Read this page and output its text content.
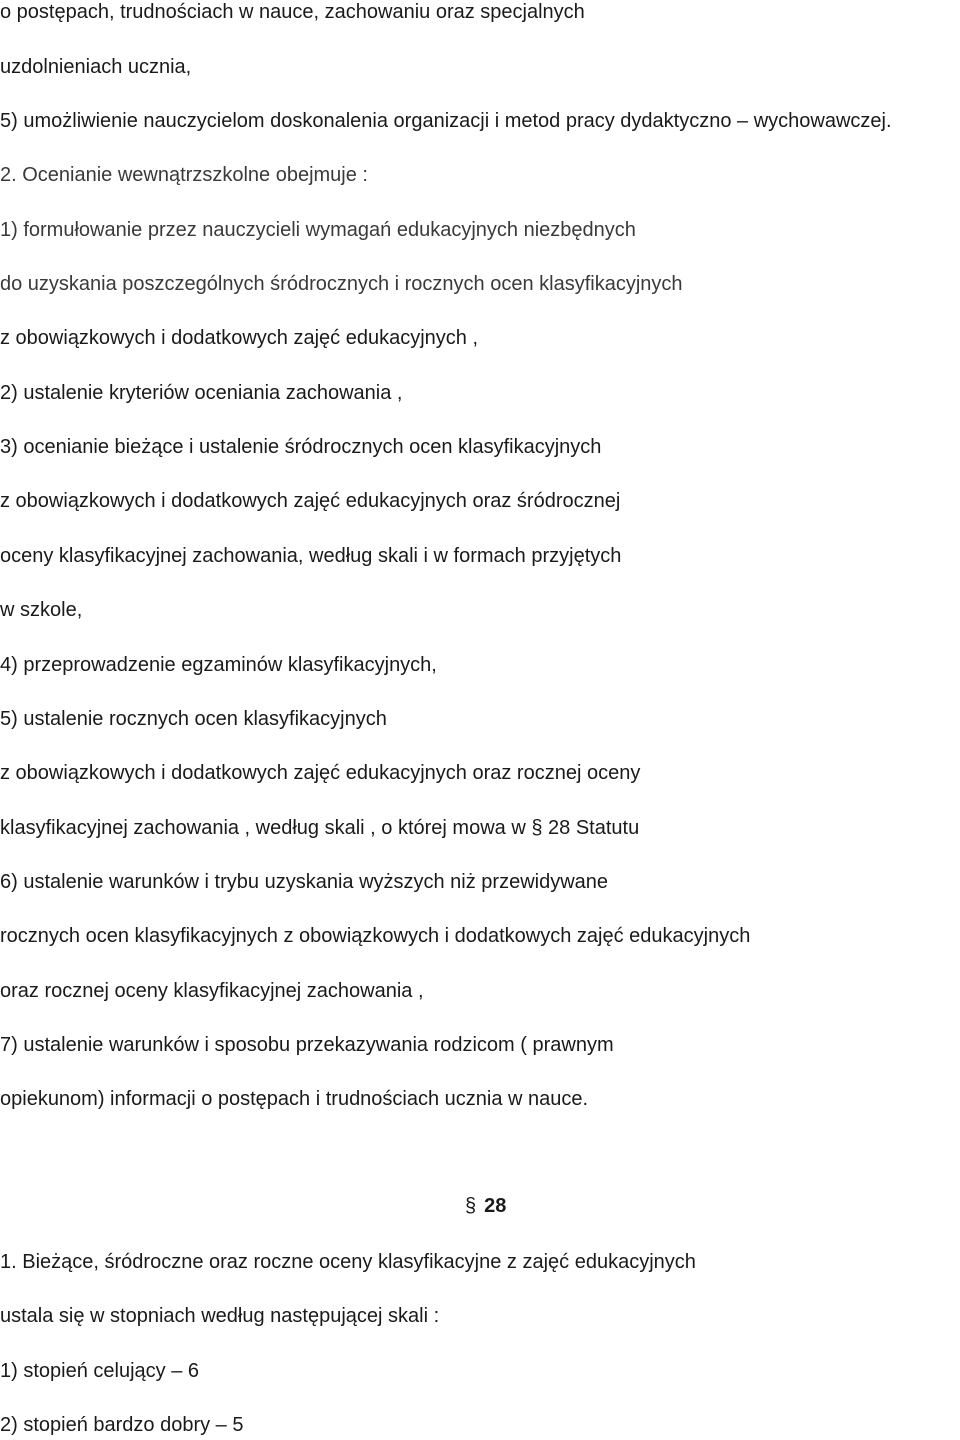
o postępach, trudnościach w nauce, zachowaniu oraz specjalnych
uzdolnieniach ucznia,
5) umożliwienie nauczycielom doskonalenia organizacji i metod pracy dydaktyczno – wychowawczej.
2. Ocenianie wewnątrzszkolne obejmuje :
1) formułowanie przez nauczycieli wymagań edukacyjnych niezbędnych
do uzyskania poszczególnych śródrocznych i rocznych ocen klasyfikacyjnych
z obowiązkowych i dodatkowych zajęć edukacyjnych ,
2) ustalenie kryteriów oceniania zachowania ,
3) ocenianie bieżące i ustalenie śródrocznych ocen klasyfikacyjnych
z obowiązkowych i dodatkowych zajęć edukacyjnych oraz śródrocznej
oceny klasyfikacyjnej zachowania, według skali i w formach przyjętych
w szkole,
4) przeprowadzenie egzaminów klasyfikacyjnych,
5) ustalenie rocznych ocen klasyfikacyjnych
z obowiązkowych i dodatkowych zajęć edukacyjnych oraz rocznej oceny
klasyfikacyjnej zachowania , według skali , o której mowa w § 28 Statutu
6) ustalenie warunków i trybu uzyskania wyższych niż przewidywane
rocznych ocen klasyfikacyjnych z obowiązkowych i dodatkowych zajęć edukacyjnych
oraz rocznej oceny klasyfikacyjnej zachowania ,
7) ustalenie warunków i sposobu przekazywania rodzicom ( prawnym
opiekunom) informacji o postępach i trudnościach ucznia w nauce.
§ 28
1. Bieżące, śródroczne oraz roczne oceny klasyfikacyjne z zajęć edukacyjnych
ustala się w stopniach według następującej skali :
1) stopień celujący – 6
2) stopień bardzo dobry – 5
